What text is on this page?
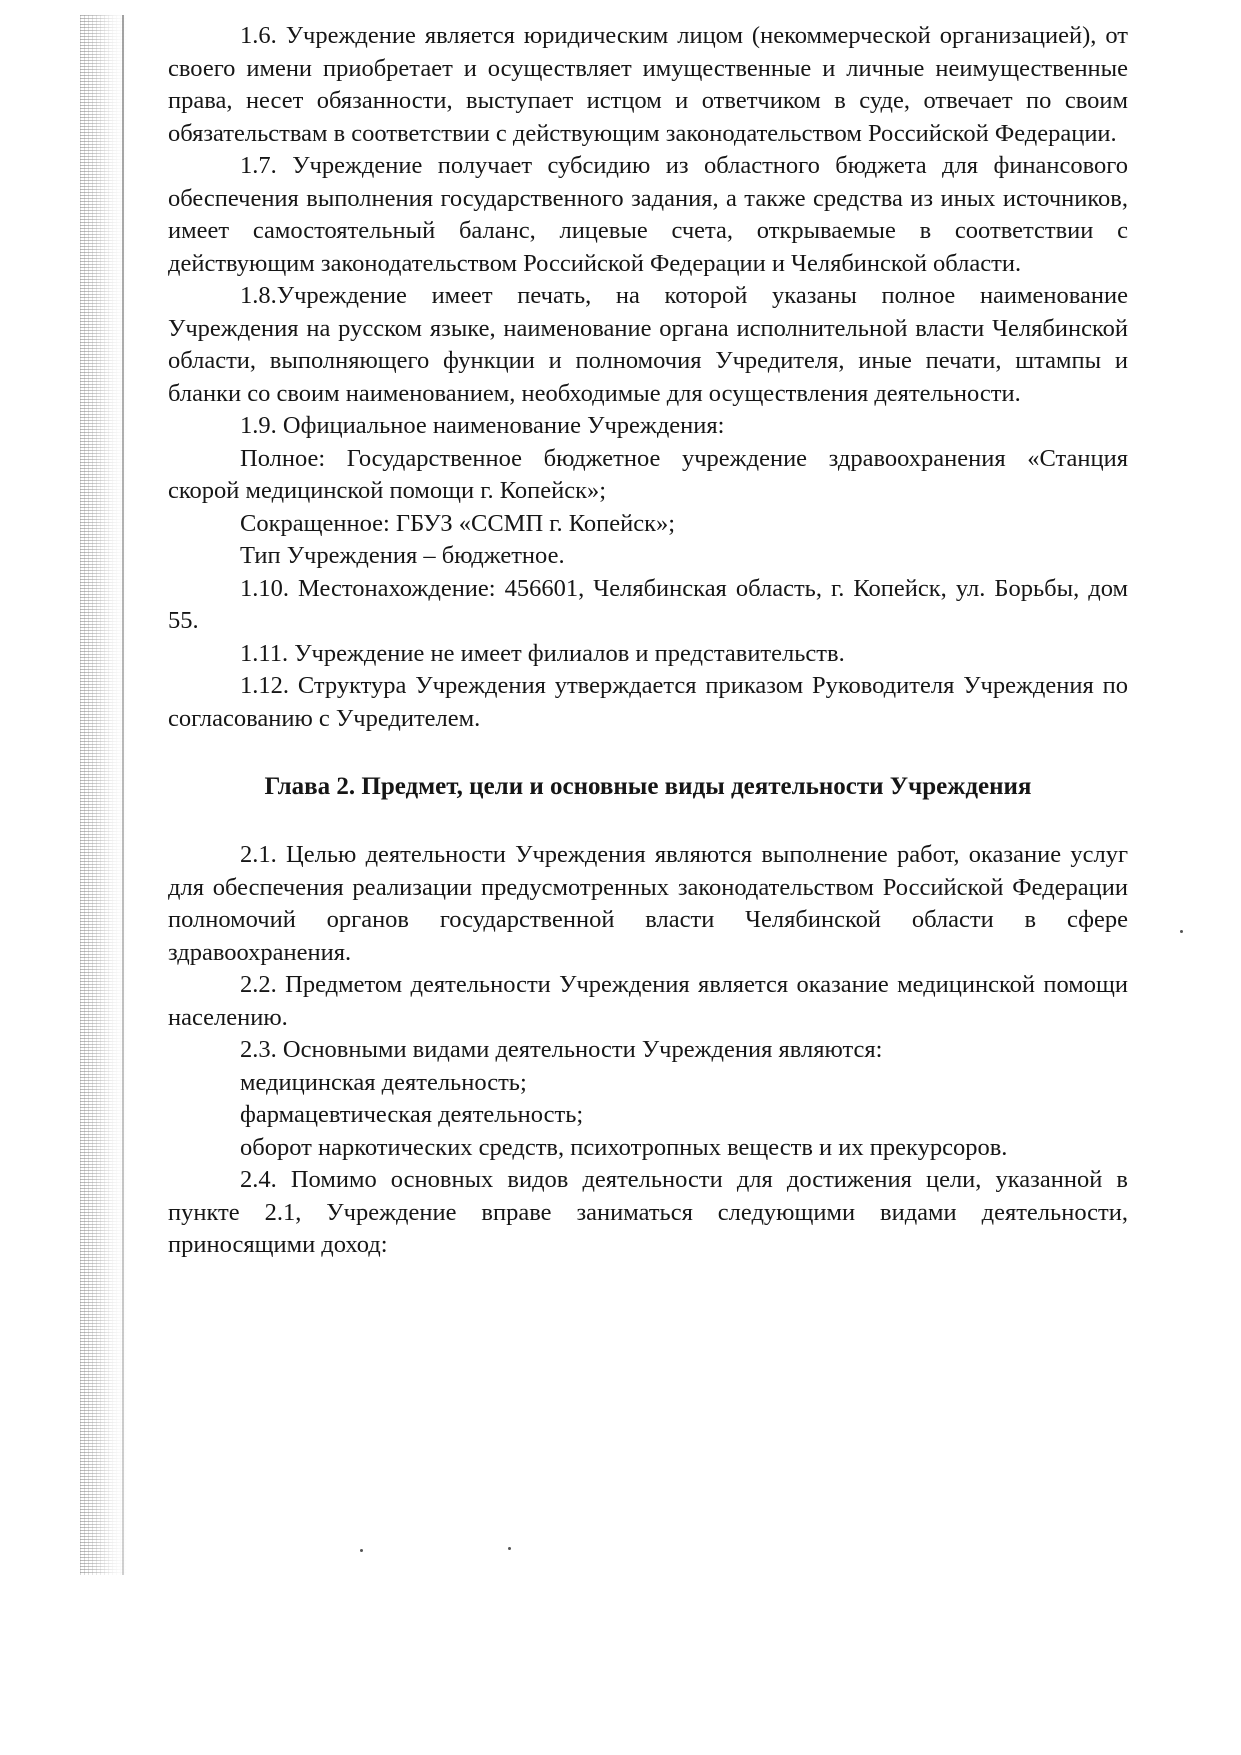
1.6. Учреждение является юридическим лицом (некоммерческой организацией), от своего имени приобретает и осуществляет имущественные и личные неимущественные права, несет обязанности, выступает истцом и ответчиком в суде, отвечает по своим обязательствам в соответствии с действующим законодательством Российской Федерации.

1.7. Учреждение получает субсидию из областного бюджета для финансового обеспечения выполнения государственного задания, а также средства из иных источников, имеет самостоятельный баланс, лицевые счета, открываемые в соответствии с действующим законодательством Российской Федерации и Челябинской области.

1.8.Учреждение имеет печать, на которой указаны полное наименование Учреждения на русском языке, наименование органа исполнительной власти Челябинской области, выполняющего функции и полномочия Учредителя, иные печати, штампы и бланки со своим наименованием, необходимые для осуществления деятельности.

1.9. Официальное наименование Учреждения:

Полное: Государственное бюджетное учреждение здравоохранения «Станция скорой медицинской помощи г. Копейск»;

Сокращенное: ГБУЗ «ССМП г. Копейск»;

Тип Учреждения – бюджетное.

1.10. Местонахождение: 456601, Челябинская область, г. Копейск, ул. Борьбы, дом 55.

1.11. Учреждение не имеет филиалов и представительств.

1.12. Структура Учреждения утверждается приказом Руководителя Учреждения по согласованию с Учредителем.

Глава 2. Предмет, цели и основные виды деятельности Учреждения

2.1. Целью деятельности Учреждения являются выполнение работ, оказание услуг для обеспечения реализации предусмотренных законодательством Российской Федерации полномочий органов государственной власти Челябинской области в сфере здравоохранения.

2.2. Предметом деятельности Учреждения является оказание медицинской помощи населению.

2.3. Основными видами деятельности Учреждения являются:

медицинская деятельность;

фармацевтическая деятельность;

оборот наркотических средств, психотропных веществ и их прекурсоров.

2.4. Помимо основных видов деятельности для достижения цели, указанной в пункте 2.1, Учреждение вправе заниматься следующими видами деятельности, приносящими доход:
